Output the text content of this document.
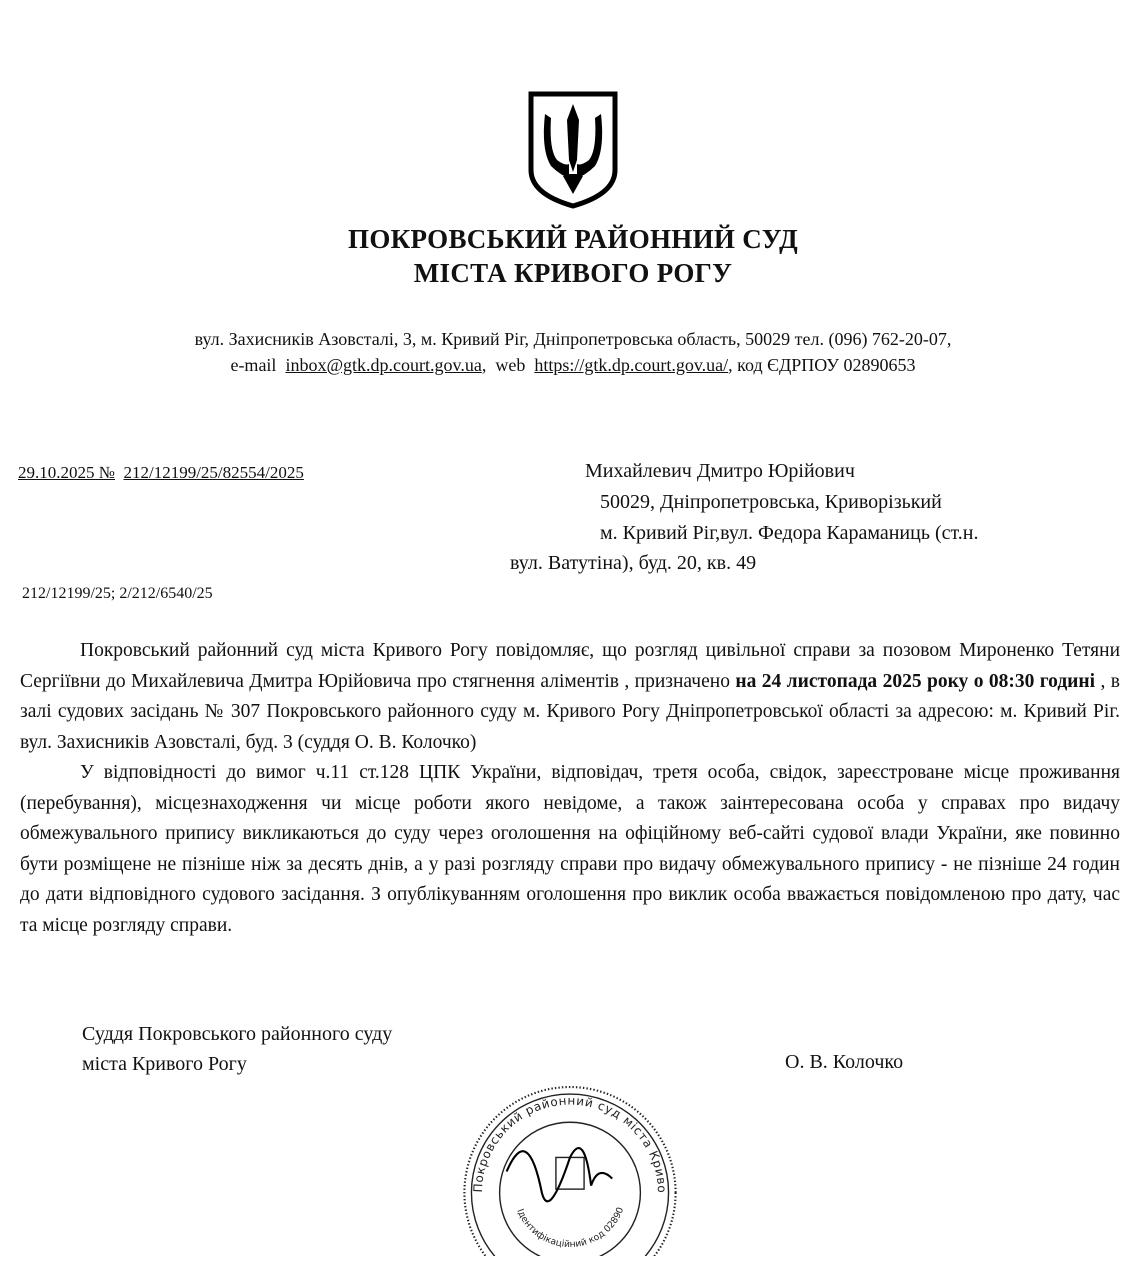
ПОКРОВСЬКИЙ РАЙОННИЙ СУД
МІСТА КРИВОГО РОГУ
вул. Захисників Азовсталі, 3, м. Кривий Ріг, Дніпропетровська область, 50029 тел. (096) 762-20-07,
e-mail inbox@gtk.dp.court.gov.ua,  web https://gtk.dp.court.gov.ua/, код ЄДРПОУ 02890653
29.10.2025 № 212/12199/25/82554/2025
212/12199/25; 2/212/6540/25
Михайлевич Дмитро Юрійович
50029, Дніпропетровська, Криворізький
м. Кривий Ріг,вул. Федора Караманиць (ст.н.
вул. Ватутіна), буд. 20, кв. 49

Покровський районний суд міста Кривого Рогу повідомляє, що розгляд цивільної справи за позовом Мироненко Тетяни Сергіївни до Михайлевича Дмитра Юрійовича про стягнення аліментів , призначено на 24 листопада 2025 року о 08:30 годині , в залі судових засідань № 307 Покровського районного суду м. Кривого Рогу Дніпропетровської області за адресою: м. Кривий Ріг. вул. Захисників Азовсталі, буд. 3 (суддя О. В. Колочко)

У відповідності до вимог ч.11 ст.128 ЦПК України, відповідач, третя особа, свідок, зареєстроване місце проживання (перебування), місцезнаходження чи місце роботи якого невідоме, а також заінтересована особа у справах про видачу обмежувального припису викликаються до суду через оголошення на офіційному веб-сайті судової влади України, яке повинно бути розміщене не пізніше ніж за десять днів, а у разі розгляду справи про видачу обмежувального припису - не пізніше 24 годин до дати відповідного судового засідання. З опублікуванням оголошення про виклик особа вважається повідомленою про дату, час та місце розгляду справи.

Суддя Покровського районного суду
міста Кривого Рогу	О. В. Колочко
Покровський районний суд міста Криво
Ідентифікаційний код 02890
